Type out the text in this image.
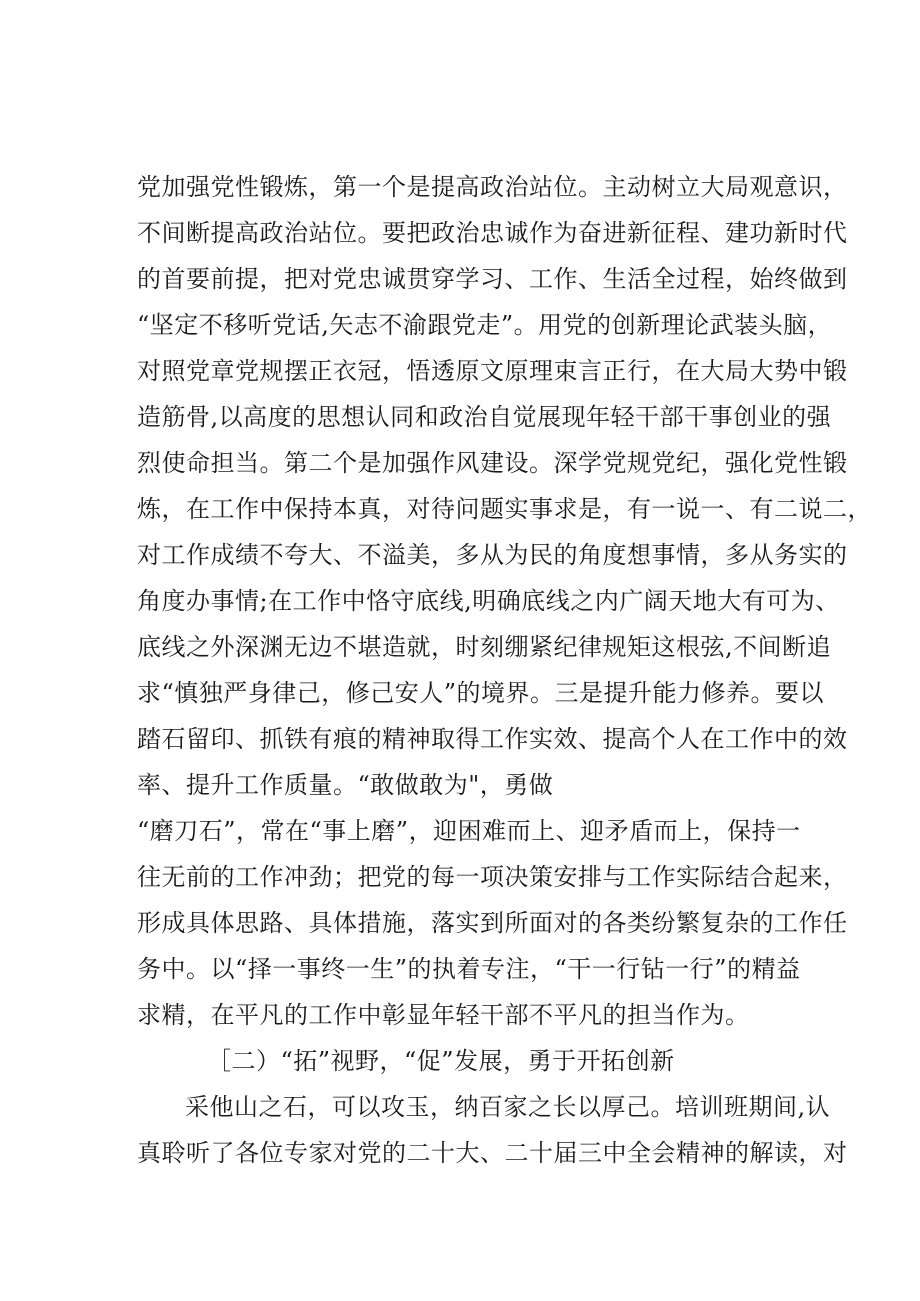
党加强党性锻炼，第一个是提高政治站位。主动树立大局观意识，
不间断提高政治站位。要把政治忠诚作为奋进新征程、建功新时代
的首要前提，把对党忠诚贯穿学习、工作、生活全过程，始终做到
“坚定不移听党话,矢志不渝跟党走”。用党的创新理论武装头脑，
对照党章党规摆正衣冠，悟透原文原理束言正行，在大局大势中锻
造筋骨,以高度的思想认同和政治自觉展现年轻干部干事创业的强
烈使命担当。第二个是加强作风建设。深学党规党纪，强化党性锻
炼，在工作中保持本真，对待问题实事求是，有一说一、有二说二，
对工作成绩不夸大、不溢美，多从为民的角度想事情，多从务实的
角度办事情;在工作中恪守底线,明确底线之内广阔天地大有可为、
底线之外深渊无边不堪造就，时刻绷紧纪律规矩这根弦,不间断追
求“慎独严身律己，修己安人”的境界。三是提升能力修养。要以
踏石留印、抓铁有痕的精神取得工作实效、提高个人在工作中的效
率、提升工作质量。“敢做敢为"，勇做
“磨刀石”，常在“事上磨”，迎困难而上、迎矛盾而上，保持一
往无前的工作冲劲；把党的每一项决策安排与工作实际结合起来，
形成具体思路、具体措施，落实到所面对的各类纷繁复杂的工作任
务中。以“择一事终一生”的执着专注，“干一行钻一行”的精益
求精，在平凡的工作中彰显年轻干部不平凡的担当作为。
［二）“拓”视野，“促”发展，勇于开拓创新
采他山之石，可以攻玉，纳百家之长以厚己。培训班期间,认
真聆听了各位专家对党的二十大、二十届三中全会精神的解读，对
